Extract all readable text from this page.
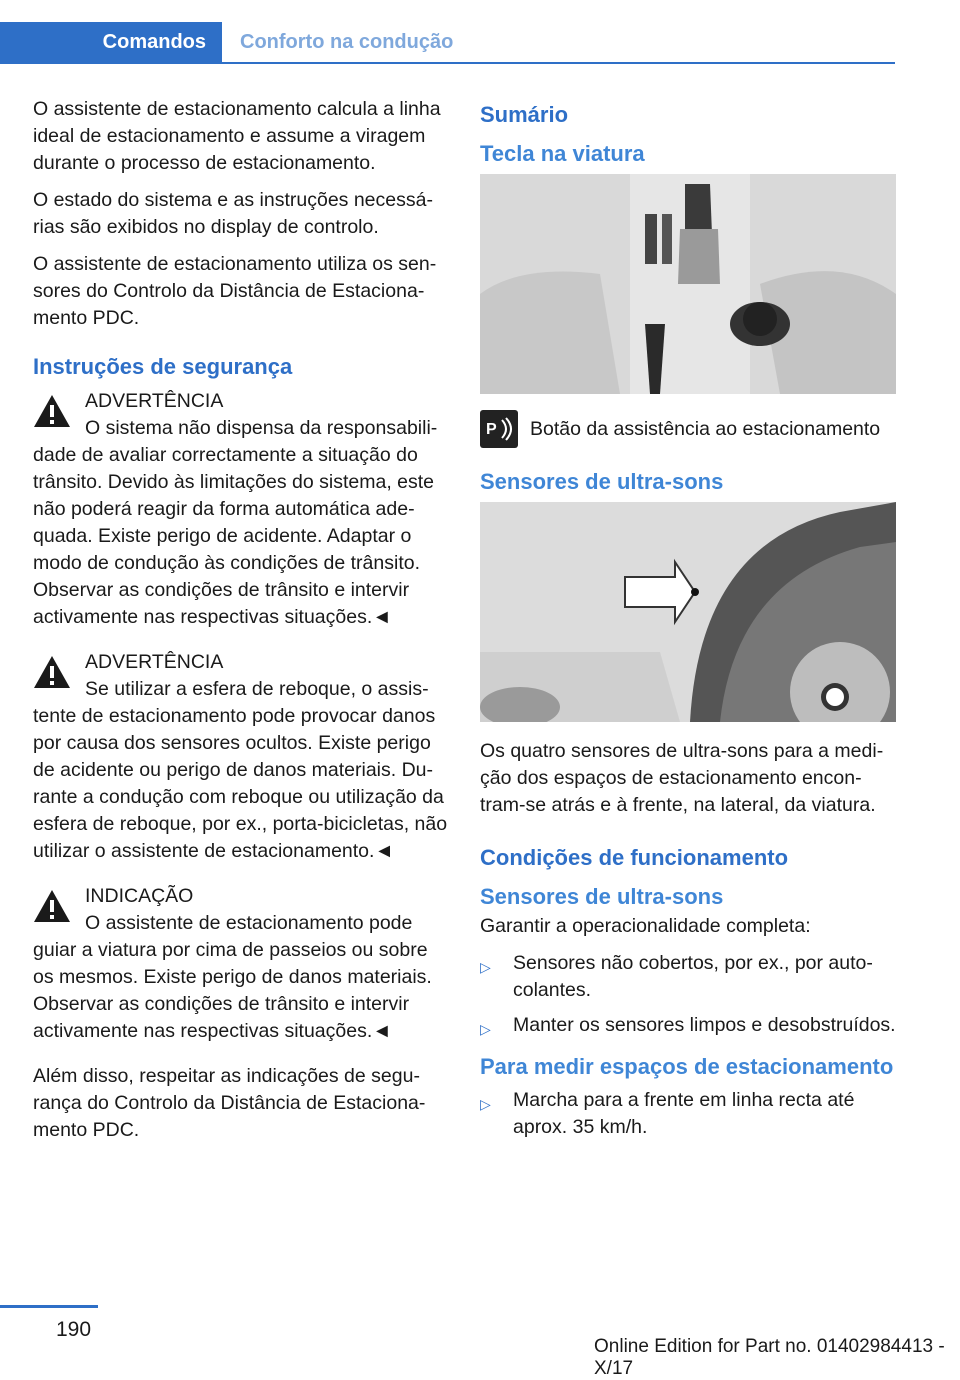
Comandos	Conforto na condução

O assistente de estacionamento calcula a linha ideal de estacionamento e assume a viragem durante o processo de estacionamento.

O estado do sistema e as instruções necessárias são exibidos no display de controlo.

O assistente de estacionamento utiliza os sensores do Controlo da Distância de Estacionamento PDC.

Instruções de segurança
ADVERTÊNCIA
O sistema não dispensa da responsabilidade de avaliar correctamente a situação do trânsito. Devido às limitações do sistema, este não poderá reagir da forma automática adequada. Existe perigo de acidente. Adaptar o modo de condução às condições de trânsito. Observar as condições de trânsito e intervir activamente nas respectivas situações.◄
ADVERTÊNCIA
Se utilizar a esfera de reboque, o assistente de estacionamento pode provocar danos por causa dos sensores ocultos. Existe perigo de acidente ou perigo de danos materiais. Durante a condução com reboque ou utilização da esfera de reboque, por ex., porta-bicicletas, não utilizar o assistente de estacionamento.◄
INDICAÇÃO
O assistente de estacionamento pode guiar a viatura por cima de passeios ou sobre os mesmos. Existe perigo de danos materiais. Observar as condições de trânsito e intervir activamente nas respectivas situações.◄

Além disso, respeitar as indicações de segurança do Controlo da Distância de Estacionamento PDC.

Sumário
Tecla na viatura
P Botão da assistência ao estacionamento
Sensores de ultra-sons

Os quatro sensores de ultra-sons para a medição dos espaços de estacionamento encontram-se atrás e à frente, na lateral, da viatura.

Condições de funcionamento
Sensores de ultra-sons

Garantir a operacionalidade completa:

▷ Sensores não cobertos, por ex., por autocolantes.
▷ Manter os sensores limpos e desobstruídos.
Para medir espaços de estacionamento
▷ Marcha para a frente em linha recta até aprox. 35 km/h.
190
Online Edition for Part no. 01402984413 - X/17
